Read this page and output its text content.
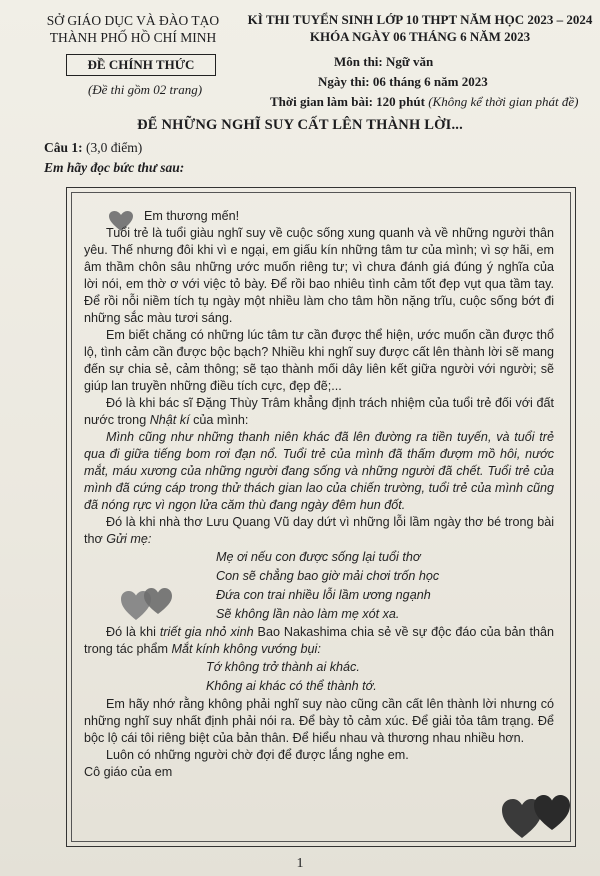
SỞ GIÁO DỤC VÀ ĐÀO TẠO
THÀNH PHỐ HỒ CHÍ MINH
ĐỀ CHÍNH THỨC
(Đề thi gồm 02 trang)
KÌ THI TUYỂN SINH LỚP 10 THPT NĂM HỌC 2023 – 2024
KHÓA NGÀY 06 THÁNG 6 NĂM 2023
Môn thi: Ngữ văn
Ngày thi: 06 tháng 6 năm 2023
Thời gian làm bài: 120 phút (Không kể thời gian phát đề)
ĐỂ NHỮNG NGHĨ SUY CẤT LÊN THÀNH LỜI...
Câu 1: (3,0 điểm)
Em hãy đọc bức thư sau:

Em thương mến!

Tuổi trẻ là tuổi giàu nghĩ suy về cuộc sống xung quanh và về những người thân yêu. Thế nhưng đôi khi vì e ngại, em giấu kín những tâm tư của mình; vì sợ hãi, em âm thầm chôn sâu những ước muốn riêng tư; vì chưa đánh giá đúng ý nghĩa của lời nói, em thờ ơ với việc tỏ bày. Để rồi bao nhiêu tình cảm tốt đẹp vụt qua tầm tay. Để rồi nỗi niềm tích tụ ngày một nhiều làm cho tâm hồn nặng trĩu, cuộc sống bớt đi những sắc màu tươi sáng.

Em biết chăng có những lúc tâm tư cần được thể hiện, ước muốn cần được thổ lộ, tình cảm cần được bộc bạch? Nhiều khi nghĩ suy được cất lên thành lời sẽ mang đến sự chia sẻ, cảm thông; sẽ tạo thành mối dây liên kết giữa người với người; sẽ giúp lan truyền những điều tích cực, đẹp đẽ;...

Đó là khi bác sĩ Đặng Thùy Trâm khẳng định trách nhiệm của tuổi trẻ đối với đất nước trong Nhật kí của mình:

Mình cũng như những thanh niên khác đã lên đường ra tiền tuyến, và tuổi trẻ qua đi giữa tiếng bom rơi đạn nổ. Tuổi trẻ của mình đã thấm đượm mồ hôi, nước mắt, máu xương của những người đang sống và những người đã chết. Tuổi trẻ của mình đã cứng cáp trong thử thách gian lao của chiến trường, tuổi trẻ của mình cũng đã nóng rực vì ngọn lửa căm thù đang ngày đêm hun đốt.

Đó là khi nhà thơ Lưu Quang Vũ day dứt vì những lỗi lầm ngày thơ bé trong bài thơ Gửi mẹ:

Mẹ ơi nếu con được sống lại tuổi thơ
Con sẽ chẳng bao giờ mải chơi trốn học
Đứa con trai nhiều lỗi lầm ương ngạnh
Sẽ không lần nào làm mẹ xót xa.

Đó là khi triết gia nhỏ xinh Bao Nakashima chia sẻ về sự độc đáo của bản thân trong tác phẩm Mắt kính không vướng bụi:

Tớ không trở thành ai khác.
Không ai khác có thể thành tớ.

Em hãy nhớ rằng không phải nghĩ suy nào cũng cần cất lên thành lời nhưng có những nghĩ suy nhất định phải nói ra. Để bày tỏ cảm xúc. Để giải tỏa tâm trạng. Để bộc lộ cái tôi riêng biệt của bản thân. Để hiểu nhau và thương nhau nhiều hơn.

Luôn có những người chờ đợi để được lắng nghe em.

Cô giáo của em

1
